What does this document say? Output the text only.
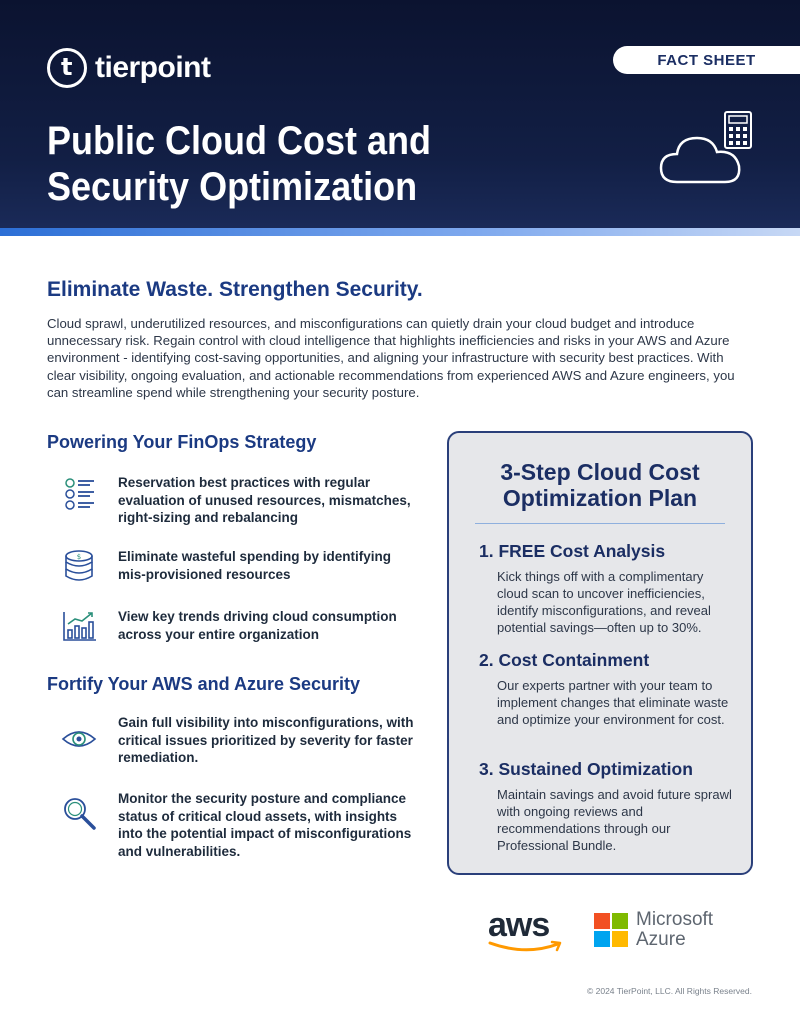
t tierpoint	FACT SHEET
Public Cloud Cost and
Security Optimization
Eliminate Waste. Strengthen Security.

Cloud sprawl, underutilized resources, and misconfigurations can quietly drain your cloud budget and introduce unnecessary risk. Regain control with cloud intelligence that highlights inefficiencies and risks in your AWS and Azure environment - identifying cost-saving opportunities, and aligning your infrastructure with security best practices. With clear visibility, ongoing evaluation, and actionable recommendations from experienced AWS and Azure engineers, you can streamline spend while strengthening your security posture.

Powering Your FinOps Strategy
Reservation best practices with regular evaluation of unused resources, mismatches, right-sizing and rebalancing
$	Eliminate wasteful spending by identifying mis-provisioned resources
View key trends driving cloud consumption across your entire organization
Fortify Your AWS and Azure Security
Gain full visibility into misconfigurations, with critical issues prioritized by severity for faster remediation.
Monitor the security posture and compliance status of critical cloud assets, with insights into the potential impact of misconfigurations and vulnerabilities.
3-Step Cloud Cost
Optimization Plan
1. FREE Cost Analysis
Kick things off with a complimentary cloud scan to uncover inefficiencies, identify misconfigurations, and reveal potential savings—often up to 30%.
2. Cost Containment
Our experts partner with your team to implement changes that eliminate waste and optimize your environment for cost.
3. Sustained Optimization
Maintain savings and avoid future sprawl with ongoing reviews and recommendations through our Professional Bundle.
aws	Microsoft
Azure
© 2024 TierPoint, LLC. All Rights Reserved.
